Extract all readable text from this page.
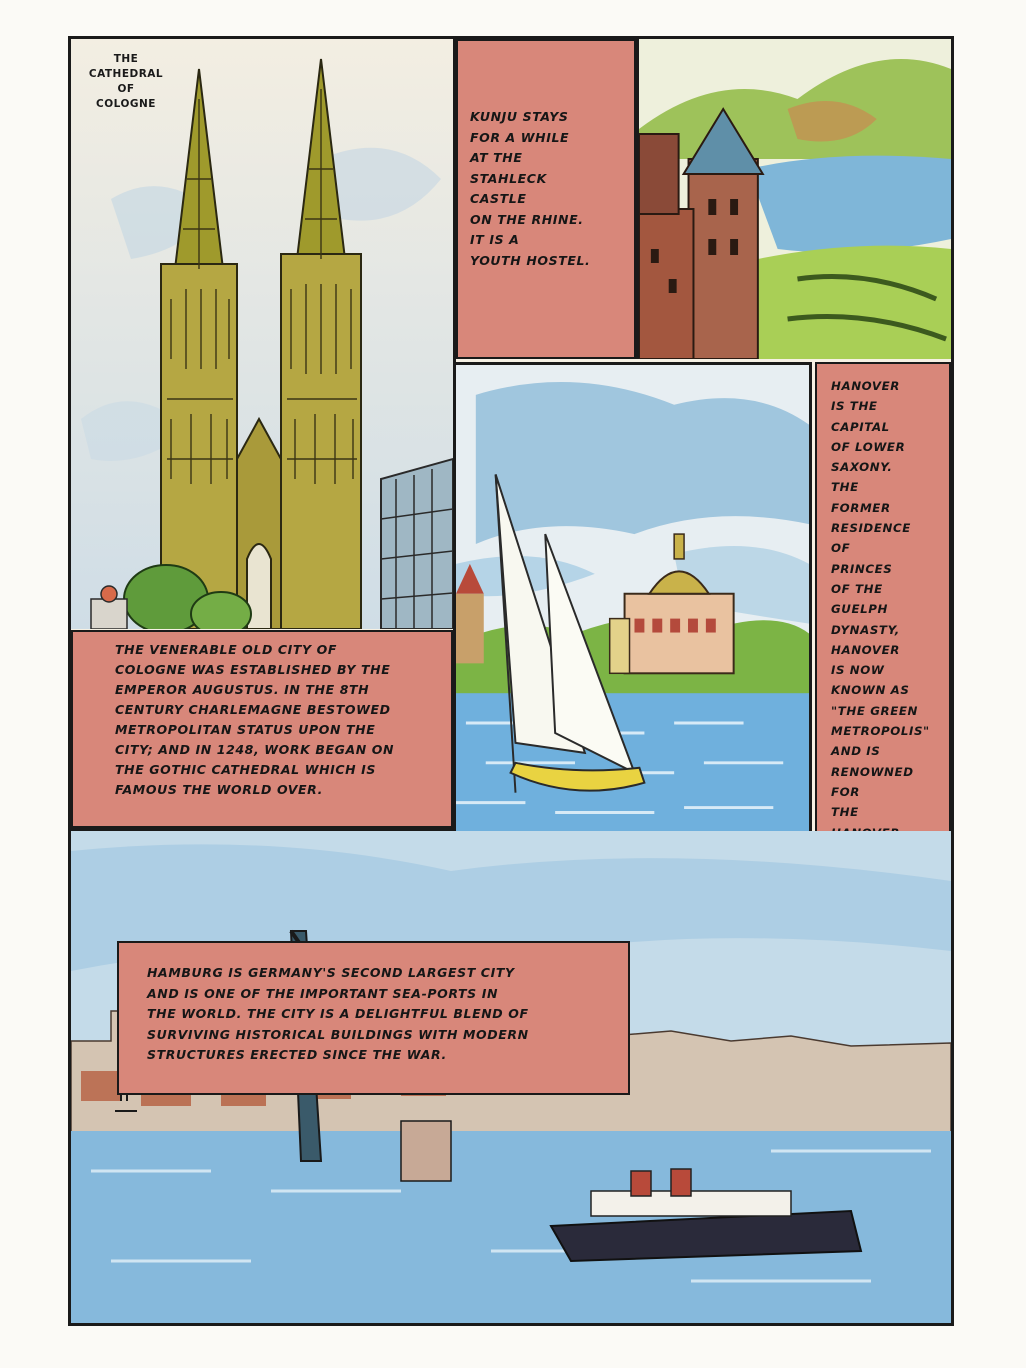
THE
CATHEDRAL
OF
COLOGNE
THE VENERABLE OLD CITY OF
COLOGNE WAS ESTABLISHED BY THE
EMPEROR AUGUSTUS. IN THE 8TH
CENTURY CHARLEMAGNE BESTOWED
METROPOLITAN STATUS UPON THE
CITY; AND IN 1248, WORK BEGAN ON
THE GOTHIC CATHEDRAL WHICH IS
FAMOUS THE WORLD OVER.
KUNJU STAYS
FOR A WHILE
AT THE
STAHLECK
CASTLE
ON THE RHINE.
IT IS A
YOUTH HOSTEL.
HANOVER
IS THE
CAPITAL
OF LOWER
SAXONY.
THE
FORMER
RESIDENCE
OF
PRINCES
OF THE
GUELPH
DYNASTY,
HANOVER
IS NOW
KNOWN AS
"THE GREEN
METROPOLIS"
AND IS
RENOWNED
FOR
THE

HAMBURG IS GERMANY'S SECOND LARGEST CITY
AND IS ONE OF THE IMPORTANT SEA-PORTS IN
THE WORLD. THE CITY IS A DELIGHTFUL BLEND OF
SURVIVING HISTORICAL BUILDINGS WITH MODERN
STRUCTURES ERECTED SINCE THE WAR.
